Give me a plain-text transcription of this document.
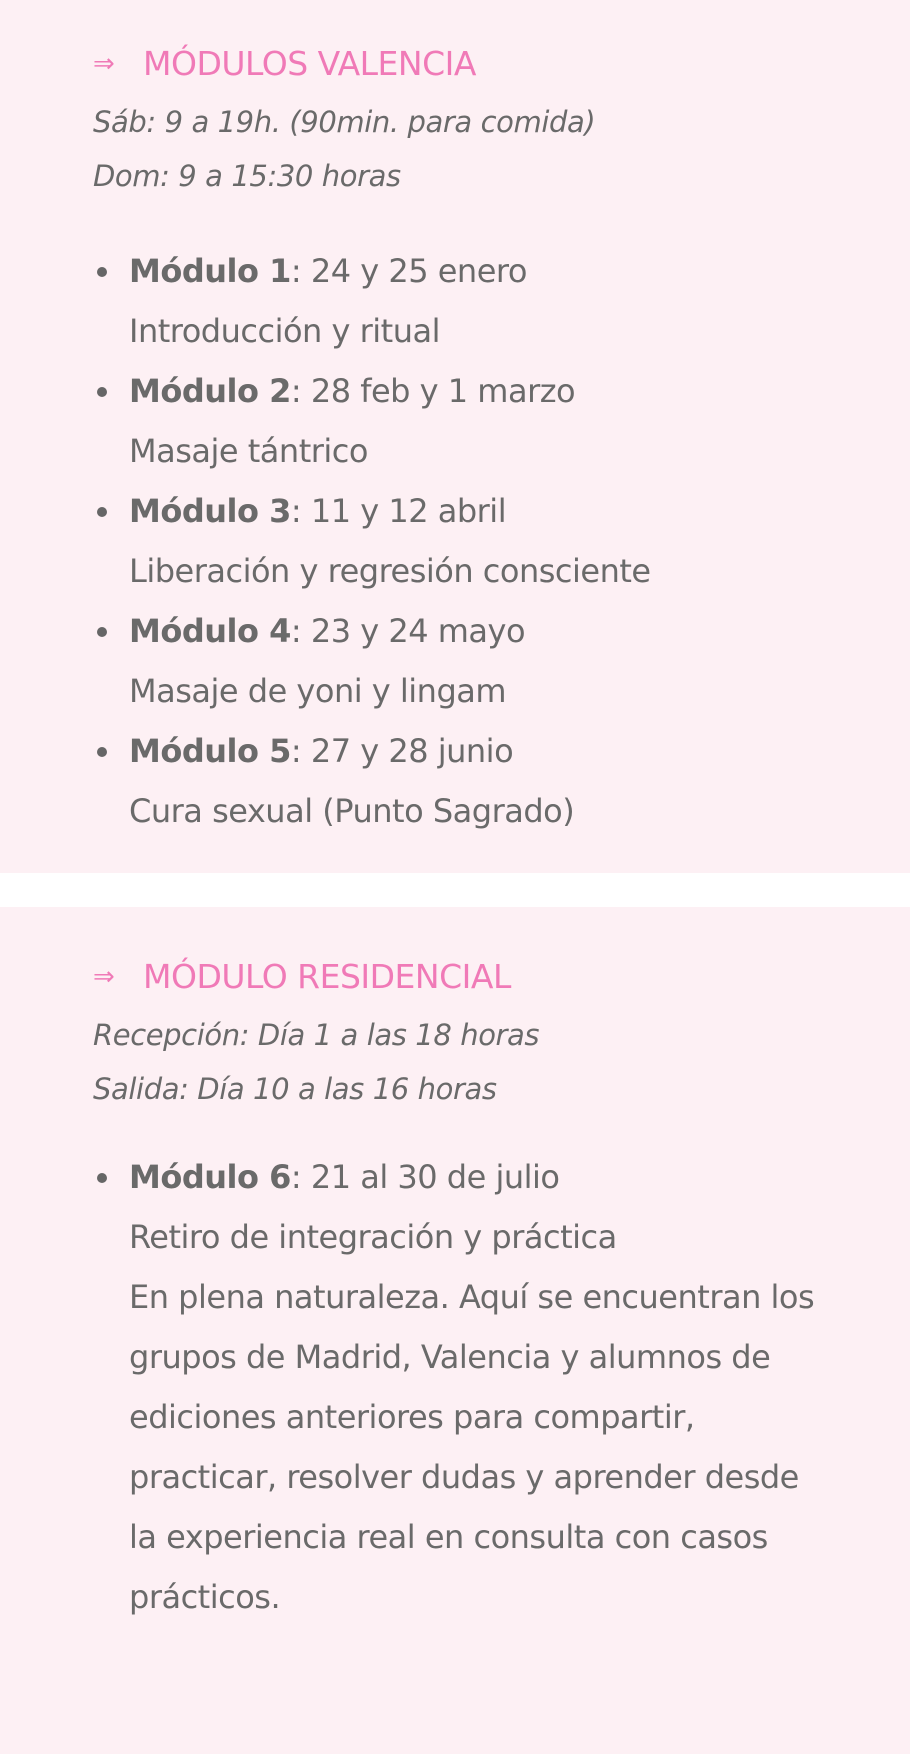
⇒ MÓDULOS VALENCIA
Sáb: 9 a 19h. (90min. para comida)
Dom: 9 a 15:30 horas
Módulo 1: 24 y 25 enero
Introducción y ritual
Módulo 2: 28 feb y 1 marzo
Masaje tántrico
Módulo 3: 11 y 12 abril
Liberación y regresión consciente
Módulo 4: 23 y 24 mayo
Masaje de yoni y lingam
Módulo 5: 27 y 28 junio
Cura sexual (Punto Sagrado)
⇒ MÓDULO RESIDENCIAL
Recepción: Día 1 a las 18 horas
Salida: Día 10 a las 16 horas
Módulo 6: 21 al 30 de julio
Retiro de integración y práctica
En plena naturaleza. Aquí se encuentran los
grupos de Madrid, Valencia y alumnos de
ediciones anteriores para compartir,
practicar, resolver dudas y aprender desde
la experiencia real en consulta con casos
prácticos.
